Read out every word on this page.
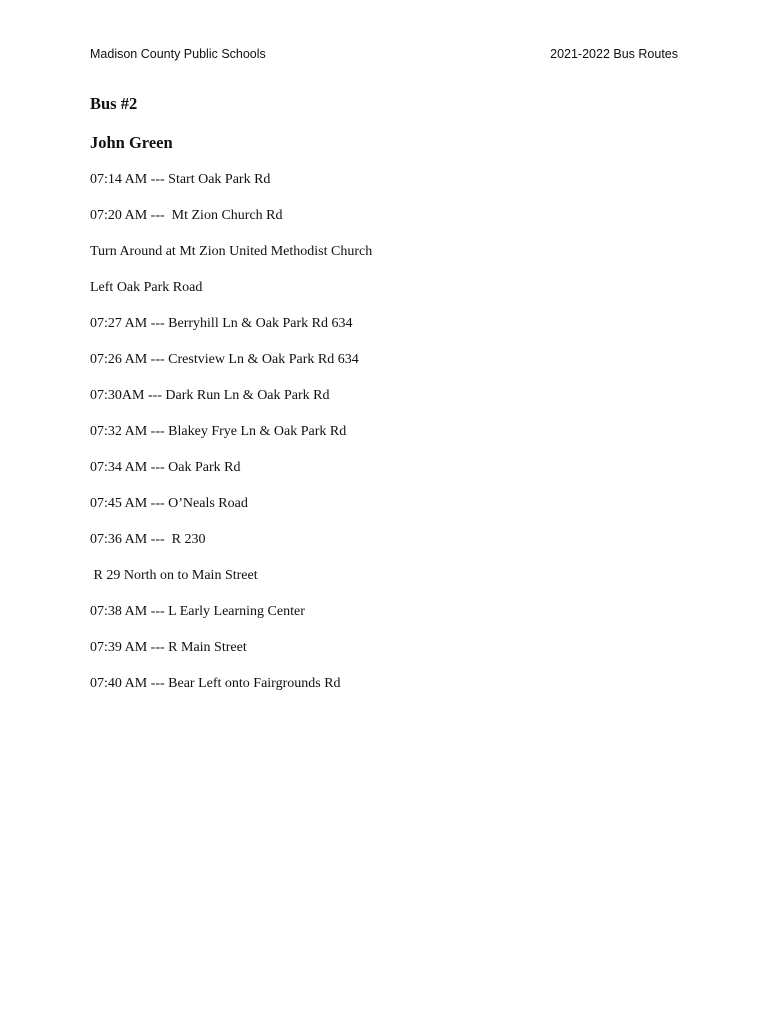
Madison County Public Schools	2021-2022 Bus Routes
Bus #2
John Green
07:14 AM --- Start Oak Park Rd
07:20 AM ---  Mt Zion Church Rd
Turn Around at Mt Zion United Methodist Church
Left Oak Park Road
07:27 AM --- Berryhill Ln & Oak Park Rd 634
07:26 AM --- Crestview Ln & Oak Park Rd 634
07:30AM --- Dark Run Ln & Oak Park Rd
07:32 AM --- Blakey Frye Ln & Oak Park Rd
07:34 AM --- Oak Park Rd
07:45 AM --- O’Neals Road
07:36 AM ---  R 230
R 29 North on to Main Street
07:38 AM --- L Early Learning Center
07:39 AM --- R Main Street
07:40 AM --- Bear Left onto Fairgrounds Rd
